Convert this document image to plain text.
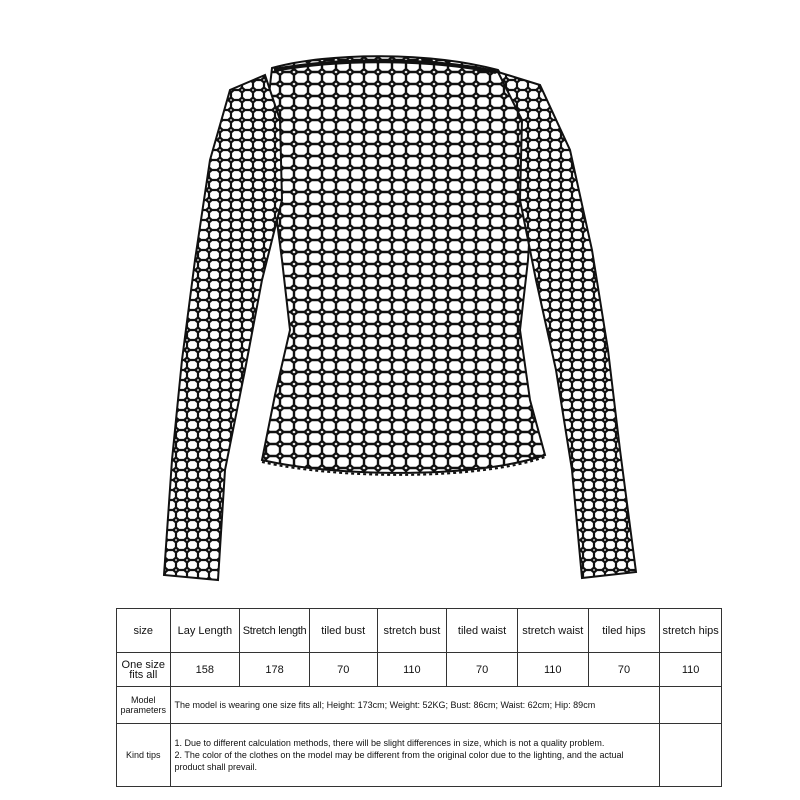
size	Lay Length	Stretch length	tiled bust	stretch bust	tiled waist	stretch waist	tiled hips	stretch hips
One size fits all	158	178	70	110	70	110	70	110
Model parameters	The model is wearing one size fits all; Height: 173cm; Weight: 52KG; Bust: 86cm; Waist: 62cm; Hip: 89cm							
Kind tips	1. Due to different calculation methods, there will be slight differences in size, which is not a quality problem.
2. The color of the clothes on the model may be different from the original color due to the lighting, and the actual product shall prevail.							
